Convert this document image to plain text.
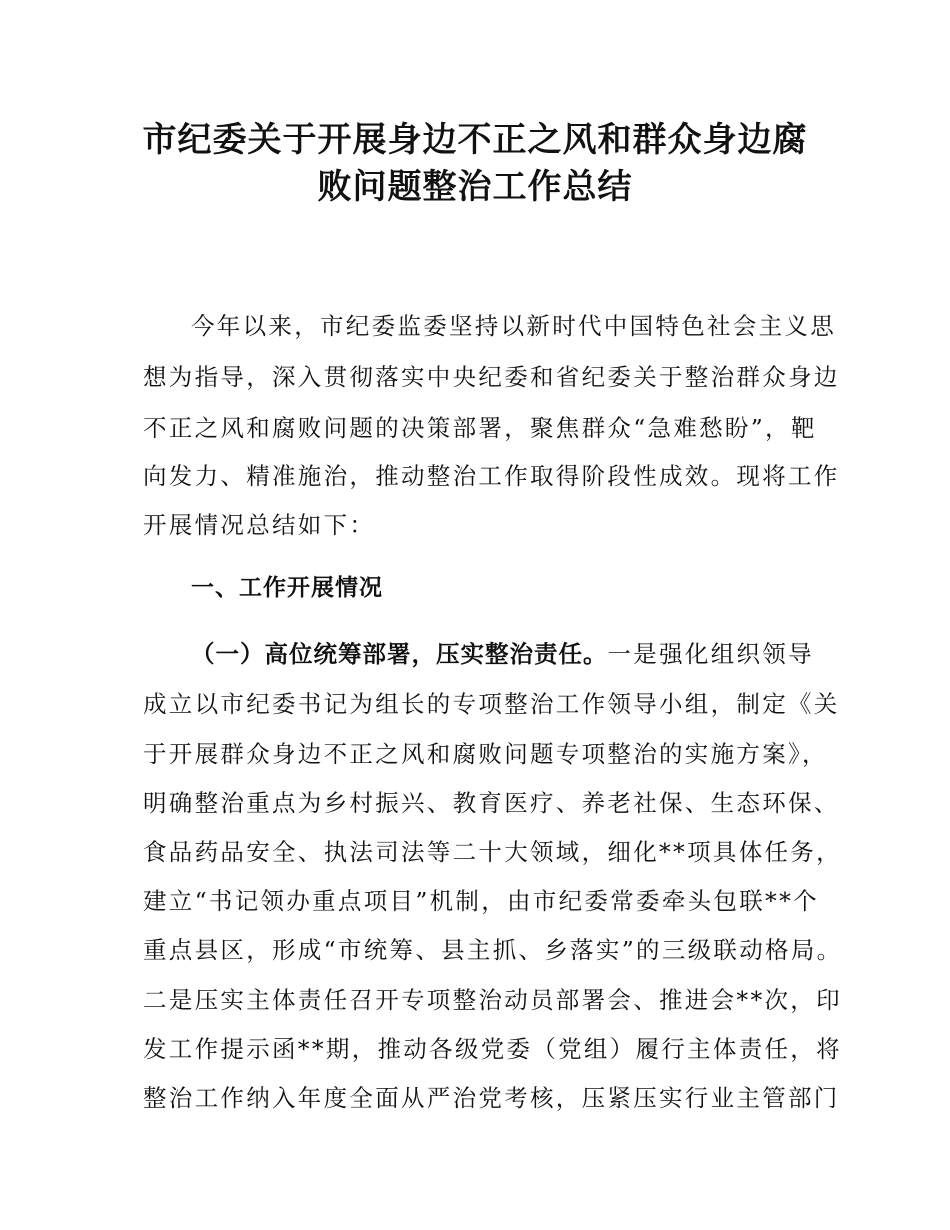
市纪委关于开展身边不正之风和群众身边腐
败问题整治工作总结

今年以来，市纪委监委坚持以新时代中国特色社会主义思

想为指导，深入贯彻落实中央纪委和省纪委关于整治群众身边

不正之风和腐败问题的决策部署，聚焦群众“急难愁盼”，靶

向发力、精准施治，推动整治工作取得阶段性成效。现将工作

开展情况总结如下：

一、工作开展情况

（一）高位统筹部署，压实整治责任。一是强化组织领导

成立以市纪委书记为组长的专项整治工作领导小组，制定《关

于开展群众身边不正之风和腐败问题专项整治的实施方案》，

明确整治重点为乡村振兴、教育医疗、养老社保、生态环保、

食品药品安全、执法司法等二十大领域，细化**项具体任务，

建立“书记领办重点项目”机制，由市纪委常委牵头包联**个

重点县区，形成“市统筹、县主抓、乡落实”的三级联动格局。

二是压实主体责任召开专项整治动员部署会、推进会**次，印

发工作提示函**期，推动各级党委（党组）履行主体责任，将

整治工作纳入年度全面从严治党考核，压紧压实行业主管部门
